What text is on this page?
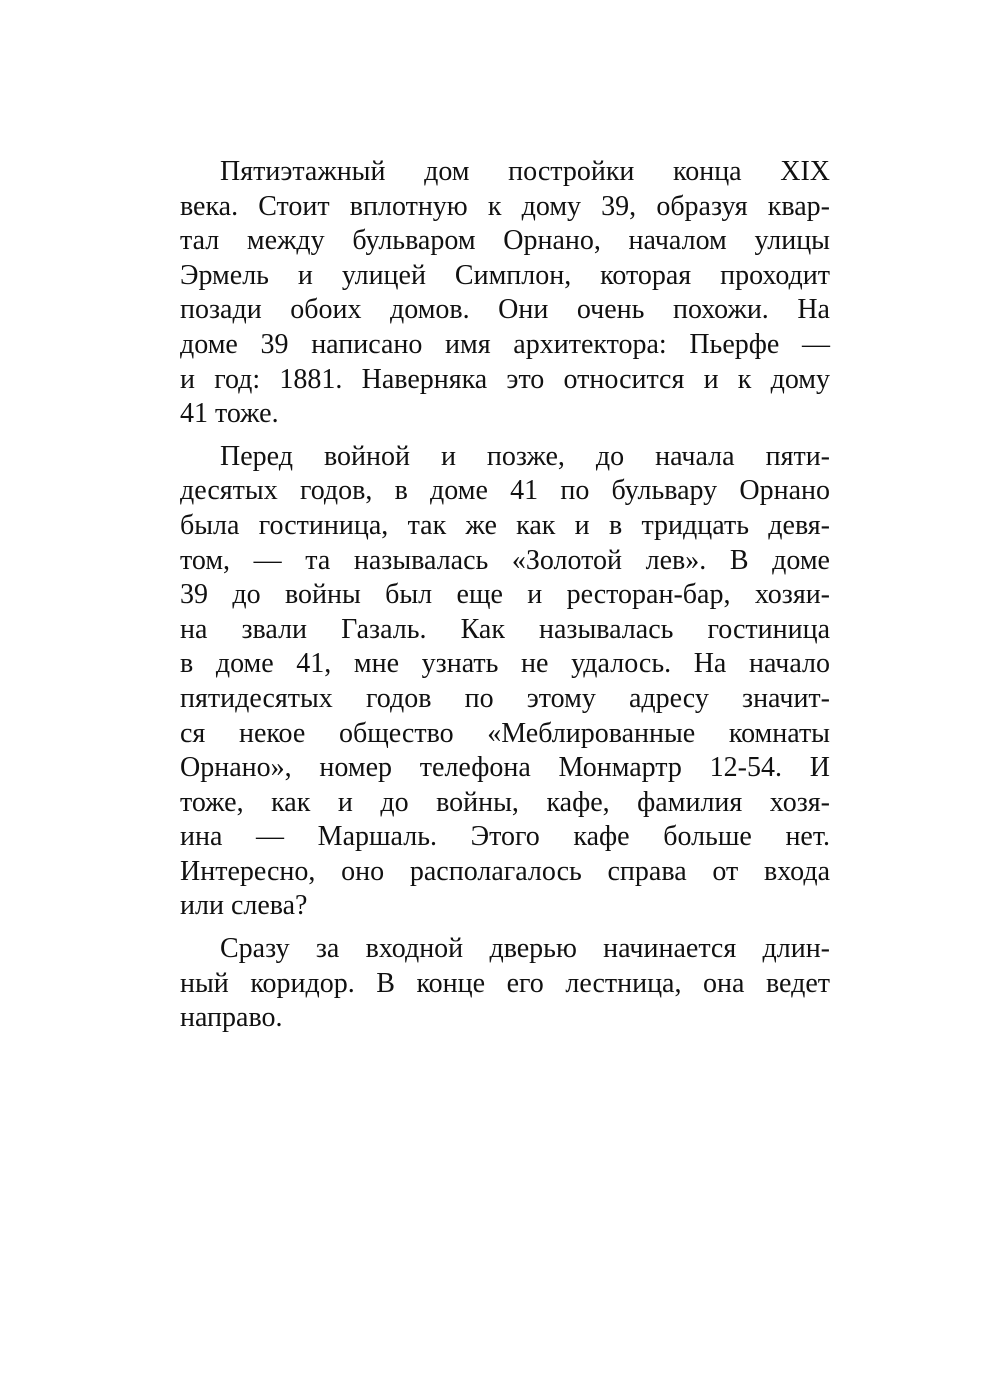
Пятиэтажный дом постройки конца XIX
века. Стоит вплотную к дому 39, образуя квар-
тал между бульваром Орнано, началом улицы
Эрмель и улицей Симплон, которая проходит
позади обоих домов. Они очень похожи. На
доме 39 написано имя архитектора: Пьерфе —
и год: 1881. Наверняка это относится и к дому
41 тоже.

Перед войной и позже, до начала пяти-
десятых годов, в доме 41 по бульвару Орнано
была гостиница, так же как и в тридцать девя-
том, — та называлась «Золотой лев». В доме
39 до войны был еще и ресторан-бар, хозяи-
на звали Газаль. Как называлась гостиница
в доме 41, мне узнать не удалось. На начало
пятидесятых годов по этому адресу значит-
ся некое общество «Меблированные комнаты
Орнано», номер телефона Монмартр 12-54. И
тоже, как и до войны, кафе, фамилия хозя-
ина — Маршаль. Этого кафе больше нет.
Интересно, оно располагалось справа от входа
или слева?

Сразу за входной дверью начинается длин-
ный коридор. В конце его лестница, она ведет
направо.
